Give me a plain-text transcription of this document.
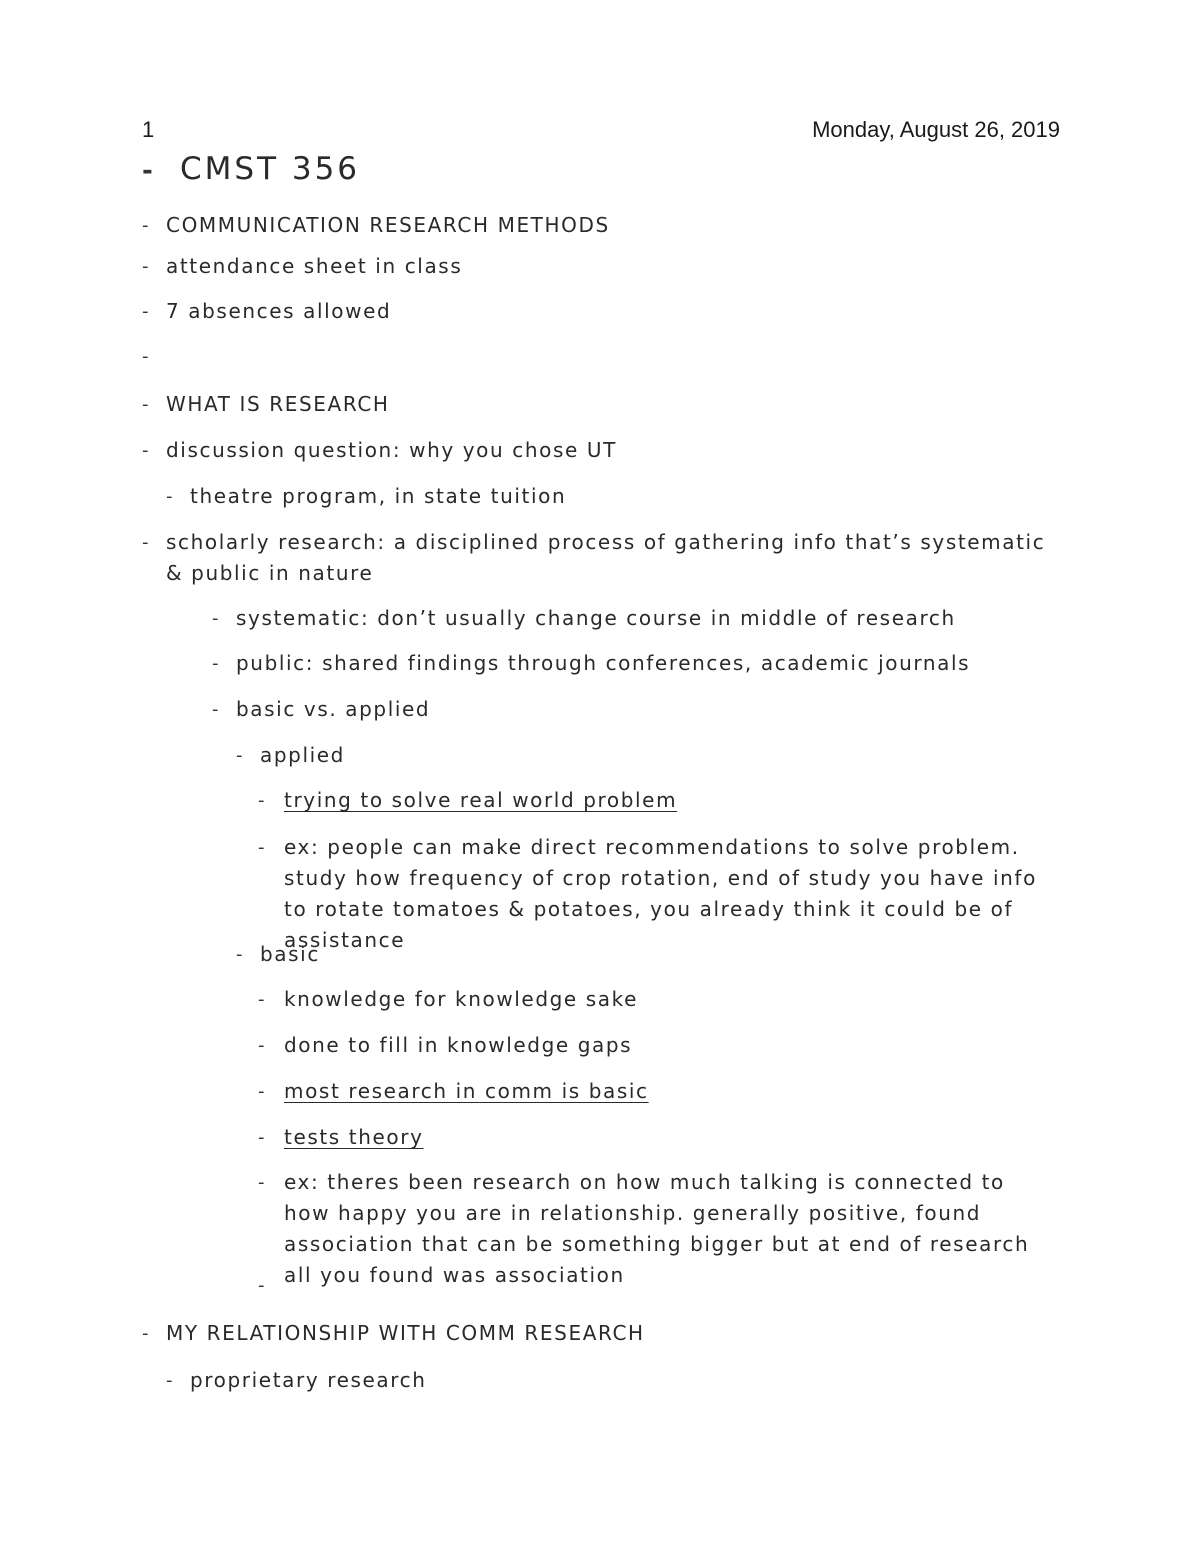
1	Monday, August 26, 2019
- CMST 356
- COMMUNICATION RESEARCH METHODS
- attendance sheet in class
- 7 absences allowed
-
- WHAT IS RESEARCH
- discussion question: why you chose UT
- theatre program, in state tuition
- scholarly research: a disciplined process of gathering info that’s systematic & public in nature
- systematic: don’t usually change course in middle of research
- public: shared findings through conferences, academic journals
- basic vs. applied
- applied
- trying to solve real world problem
- ex: people can make direct recommendations to solve problem. study how frequency of crop rotation, end of study you have info to rotate tomatoes & potatoes, you already think it could be of assistance
- basic
- knowledge for knowledge sake
- done to fill in knowledge gaps
- most research in comm is basic
- tests theory
- ex: theres been research on how much talking is connected to how happy you are in relationship. generally positive, found association that can be something bigger but at end of research all you found was association
-
- MY RELATIONSHIP WITH COMM RESEARCH
- proprietary research
